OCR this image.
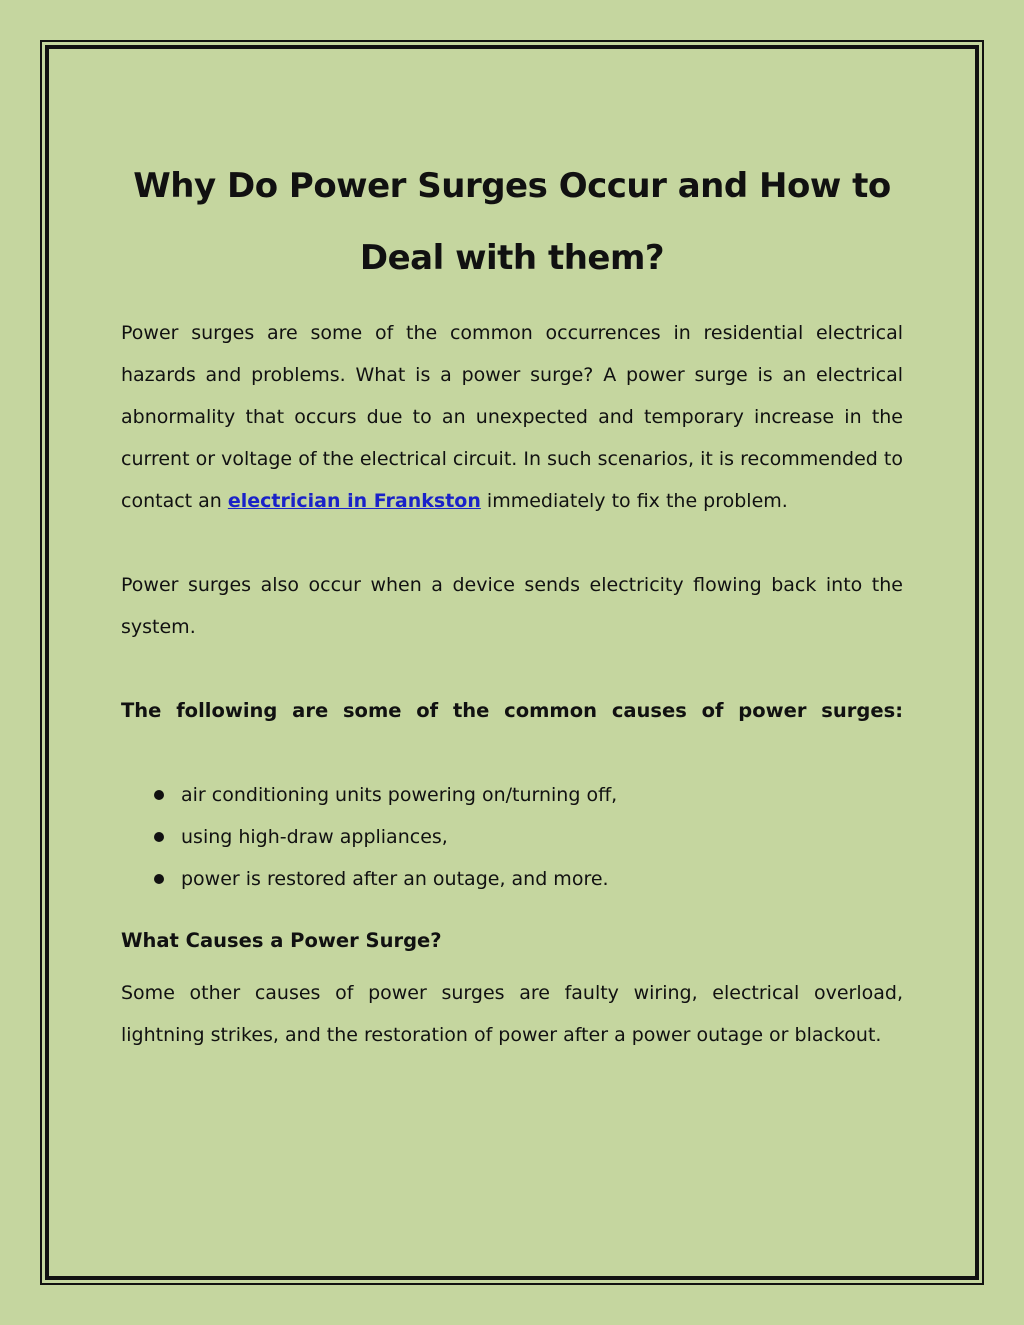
Why Do Power Surges Occur and How to
Deal with them?

Power surges are some of the common occurrences in residential electrical hazards and problems. What is a power surge? A power surge is an electrical abnormality that occurs due to an unexpected and temporary increase in the current or voltage of the electrical circuit. In such scenarios, it is recommended to contact an electrician in Frankston immediately to fix the problem.

Power surges also occur when a device sends electricity flowing back into the system.

The following are some of the common causes of power surges:

air conditioning units powering on/turning off,
using high-draw appliances,
power is restored after an outage, and more.
What Causes a Power Surge?

Some other causes of power surges are faulty wiring, electrical overload, lightning strikes, and the restoration of power after a power outage or blackout.
